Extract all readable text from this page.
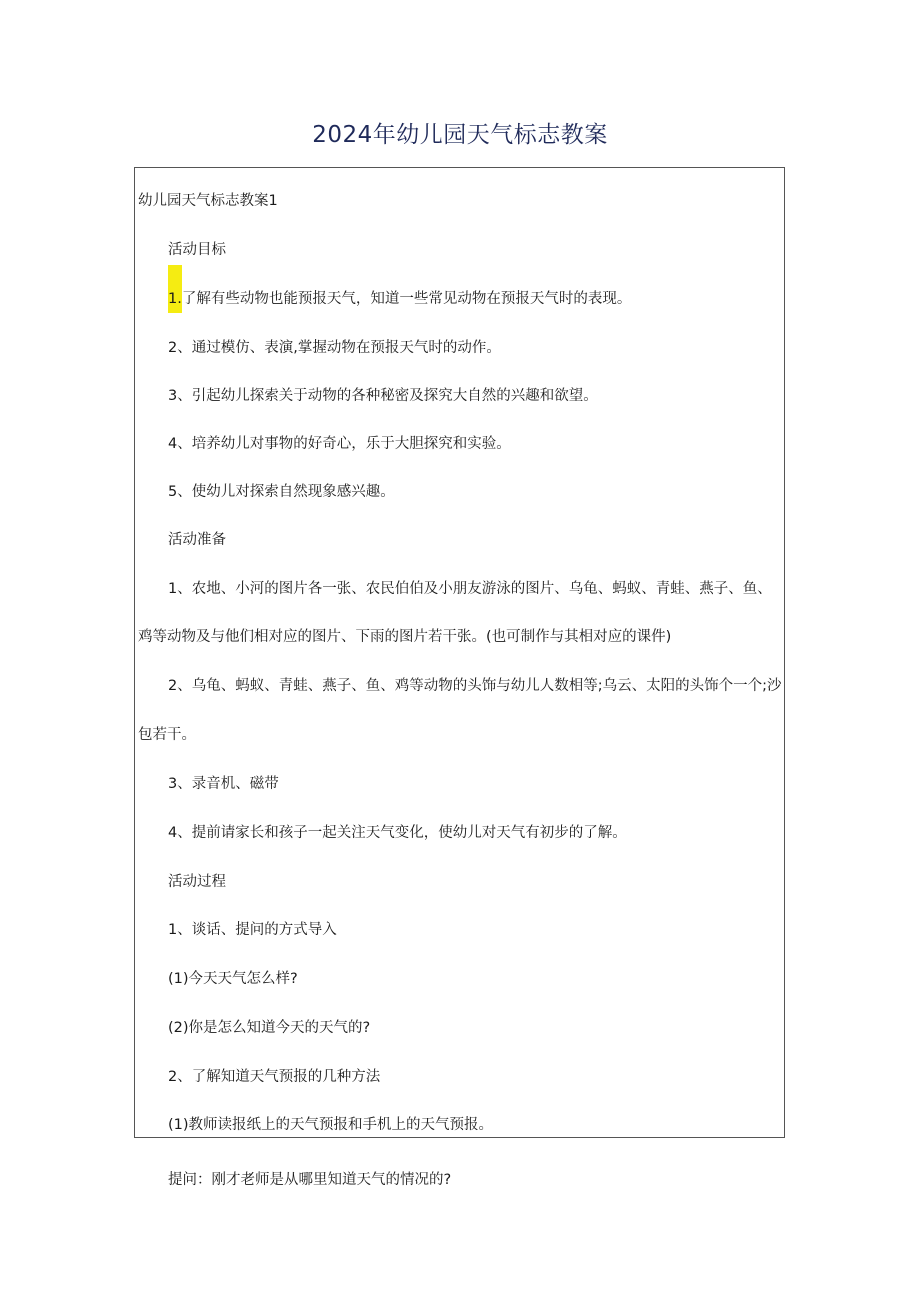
2024年幼儿园天气标志教案
幼儿园天气标志教案1
活动目标
1.了解有些动物也能预报天气，知道一些常见动物在预报天气时的表现。
2、通过模仿、表演,掌握动物在预报天气时的动作。
3、引起幼儿探索关于动物的各种秘密及探究大自然的兴趣和欲望。
4、培养幼儿对事物的好奇心，乐于大胆探究和实验。
5、使幼儿对探索自然现象感兴趣。
活动准备
1、农地、小河的图片各一张、农民伯伯及小朋友游泳的图片、乌龟、蚂蚁、青蛙、燕子、鱼、
鸡等动物及与他们相对应的图片、下雨的图片若干张。(也可制作与其相对应的课件)
2、乌龟、蚂蚁、青蛙、燕子、鱼、鸡等动物的头饰与幼儿人数相等;乌云、太阳的头饰个一个;沙
包若干。
3、录音机、磁带
4、提前请家长和孩子一起关注天气变化，使幼儿对天气有初步的了解。
活动过程
1、谈话、提问的方式导入
(1)今天天气怎么样?
(2)你是怎么知道今天的天气的?
2、了解知道天气预报的几种方法
(1)教师读报纸上的天气预报和手机上的天气预报。
提问：刚才老师是从哪里知道天气的情况的?
